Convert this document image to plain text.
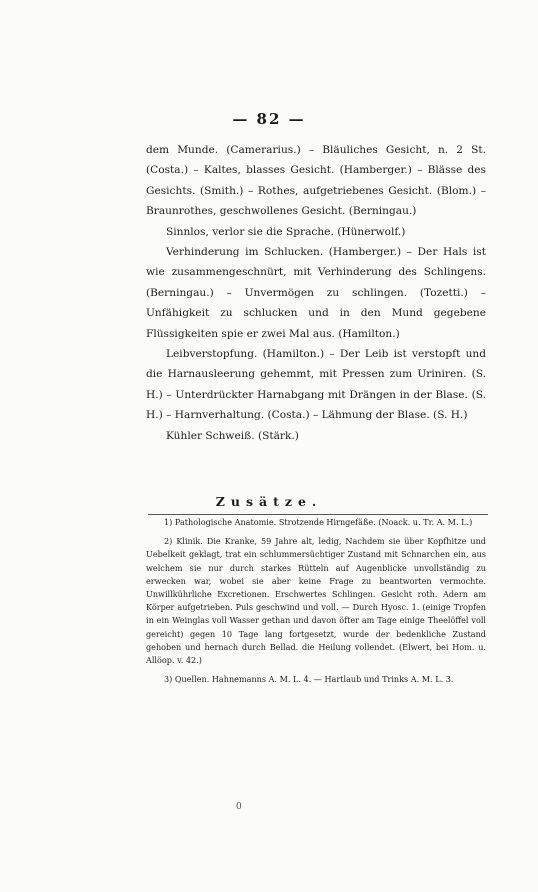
— 82 —

dem Munde. (Camerarius.) – Bläuliches Gesicht, n. 2 St. (Costa.) – Kaltes, blasses Gesicht. (Hamberger.) – Blässe des Gesichts. (Smith.) – Rothes, aufgetriebenes Gesicht. (Blom.) – Braunrothes, geschwollenes Gesicht. (Berningau.)

Sinnlos, verlor sie die Sprache. (Hünerwolf.)

Verhinderung im Schlucken. (Hamberger.) – Der Hals ist wie zusammengeschnürt, mit Verhinderung des Schlingens. (Berningau.) – Unvermögen zu schlingen. (Tozetti.) – Unfähigkeit zu schlucken und in den Mund gegebene Flüssigkeiten spie er zwei Mal aus. (Hamilton.)

Leibverstopfung. (Hamilton.) – Der Leib ist verstopft und die Harnausleerung gehemmt, mit Pressen zum Uriniren. (S. H.) – Unterdrückter Harnabgang mit Drängen in der Blase. (S. H.) – Harnverhaltung. (Costa.) – Lähmung der Blase. (S. H.)

Kühler Schweiß. (Stärk.)

Zusätze.

1) Pathologische Anatomie. Strotzende Hirngefäße. (Noack. u. Tr. A. M. L.)

2) Klinik. Die Kranke, 59 Jahre alt, ledig, Nachdem sie über Kopfhitze und Uebelkeit geklagt, trat ein schlummersüchtiger Zustand mit Schnarchen ein, aus welchem sie nur durch starkes Rütteln auf Augenblicke unvollständig zu erwecken war, wobei sie aber keine Frage zu beantworten vermochte. Unwillkührliche Excretionen. Erschwertes Schlingen. Gesicht roth. Adern am Körper aufgetrieben. Puls geschwind und voll. — Durch Hyosc. 1. (einige Tropfen in ein Weinglas voll Wasser gethan und davon öfter am Tage einige Theelöffel voll gereicht) gegen 10 Tage lang fortgesetzt, wurde der bedenkliche Zustand gehoben und hernach durch Bellad. die Heilung vollendet. (Elwert, bei Hom. u. Allöop. v. 42.)

3) Quellen. Hahnemanns A. M. L. 4. — Hartlaub und Trinks A. M. L. 3.

0
